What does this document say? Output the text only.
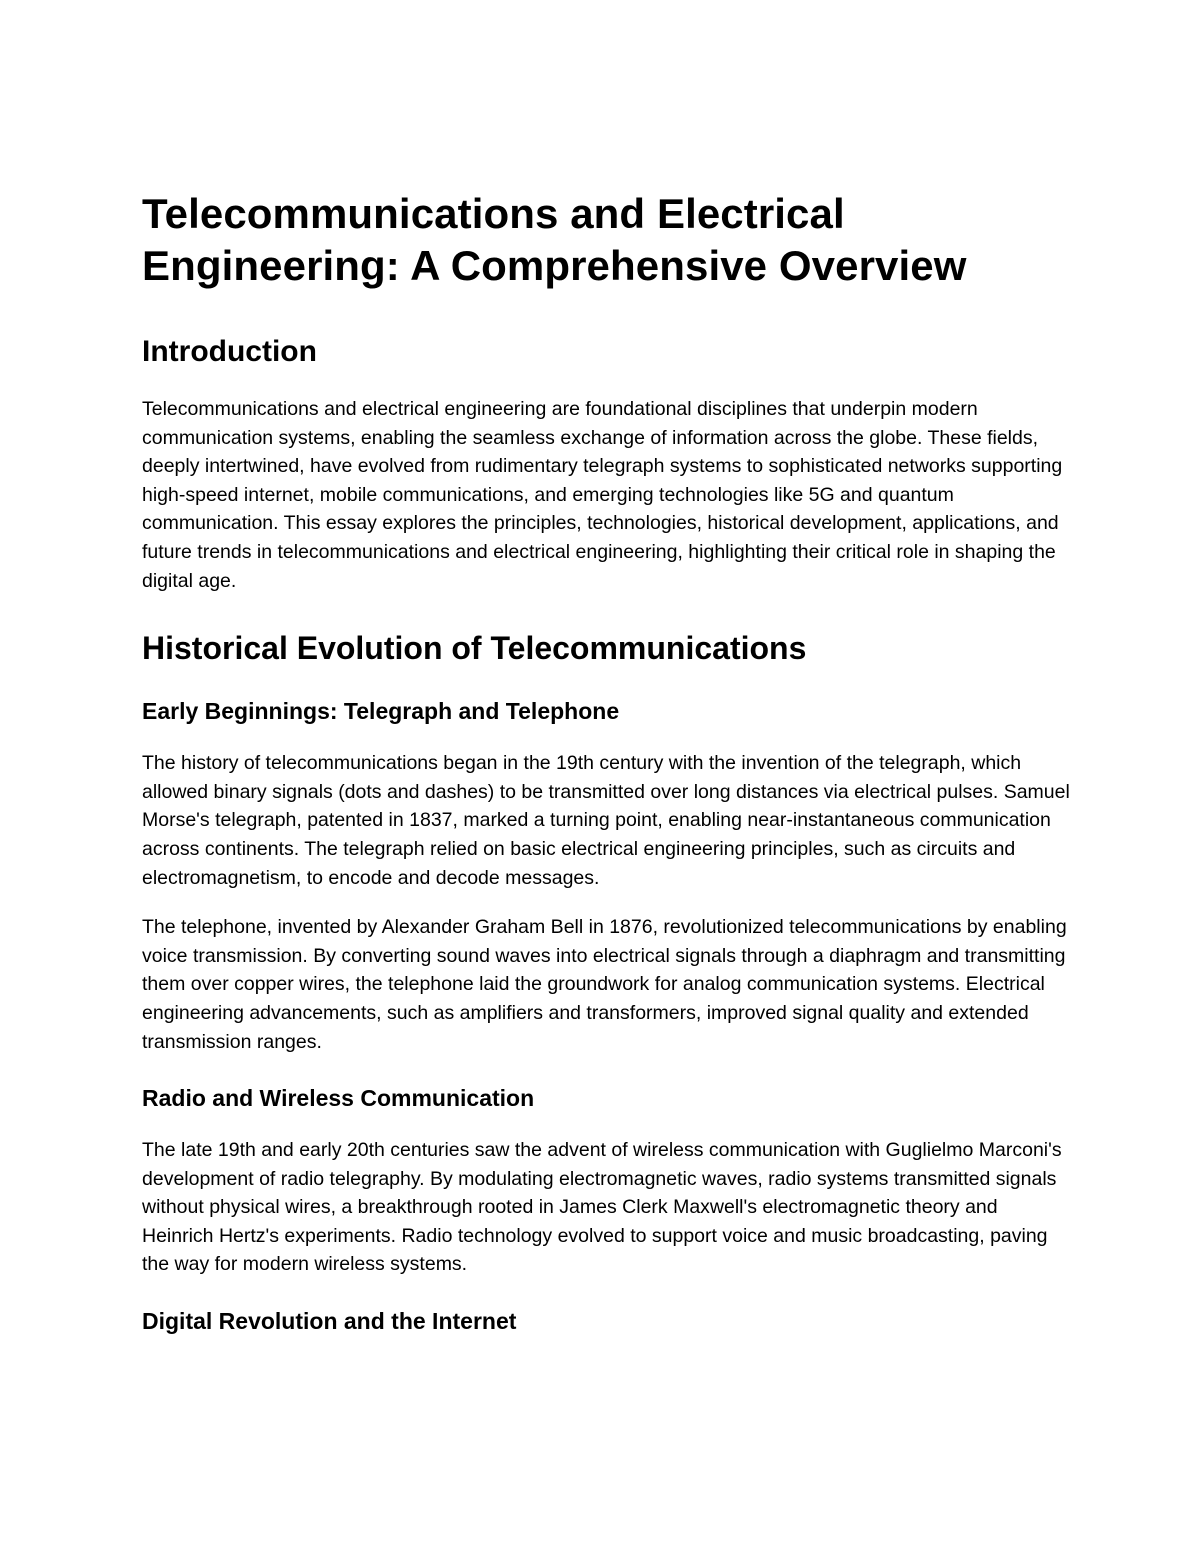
Telecommunications and Electrical Engineering: A Comprehensive Overview
Introduction

Telecommunications and electrical engineering are foundational disciplines that underpin modern communication systems, enabling the seamless exchange of information across the globe. These fields, deeply intertwined, have evolved from rudimentary telegraph systems to sophisticated networks supporting high-speed internet, mobile communications, and emerging technologies like 5G and quantum communication. This essay explores the principles, technologies, historical development, applications, and future trends in telecommunications and electrical engineering, highlighting their critical role in shaping the digital age.

Historical Evolution of Telecommunications
Early Beginnings: Telegraph and Telephone

The history of telecommunications began in the 19th century with the invention of the telegraph, which allowed binary signals (dots and dashes) to be transmitted over long distances via electrical pulses. Samuel Morse's telegraph, patented in 1837, marked a turning point, enabling near-instantaneous communication across continents. The telegraph relied on basic electrical engineering principles, such as circuits and electromagnetism, to encode and decode messages.

The telephone, invented by Alexander Graham Bell in 1876, revolutionized telecommunications by enabling voice transmission. By converting sound waves into electrical signals through a diaphragm and transmitting them over copper wires, the telephone laid the groundwork for analog communication systems. Electrical engineering advancements, such as amplifiers and transformers, improved signal quality and extended transmission ranges.

Radio and Wireless Communication

The late 19th and early 20th centuries saw the advent of wireless communication with Guglielmo Marconi's development of radio telegraphy. By modulating electromagnetic waves, radio systems transmitted signals without physical wires, a breakthrough rooted in James Clerk Maxwell's electromagnetic theory and Heinrich Hertz's experiments. Radio technology evolved to support voice and music broadcasting, paving the way for modern wireless systems.

Digital Revolution and the Internet
